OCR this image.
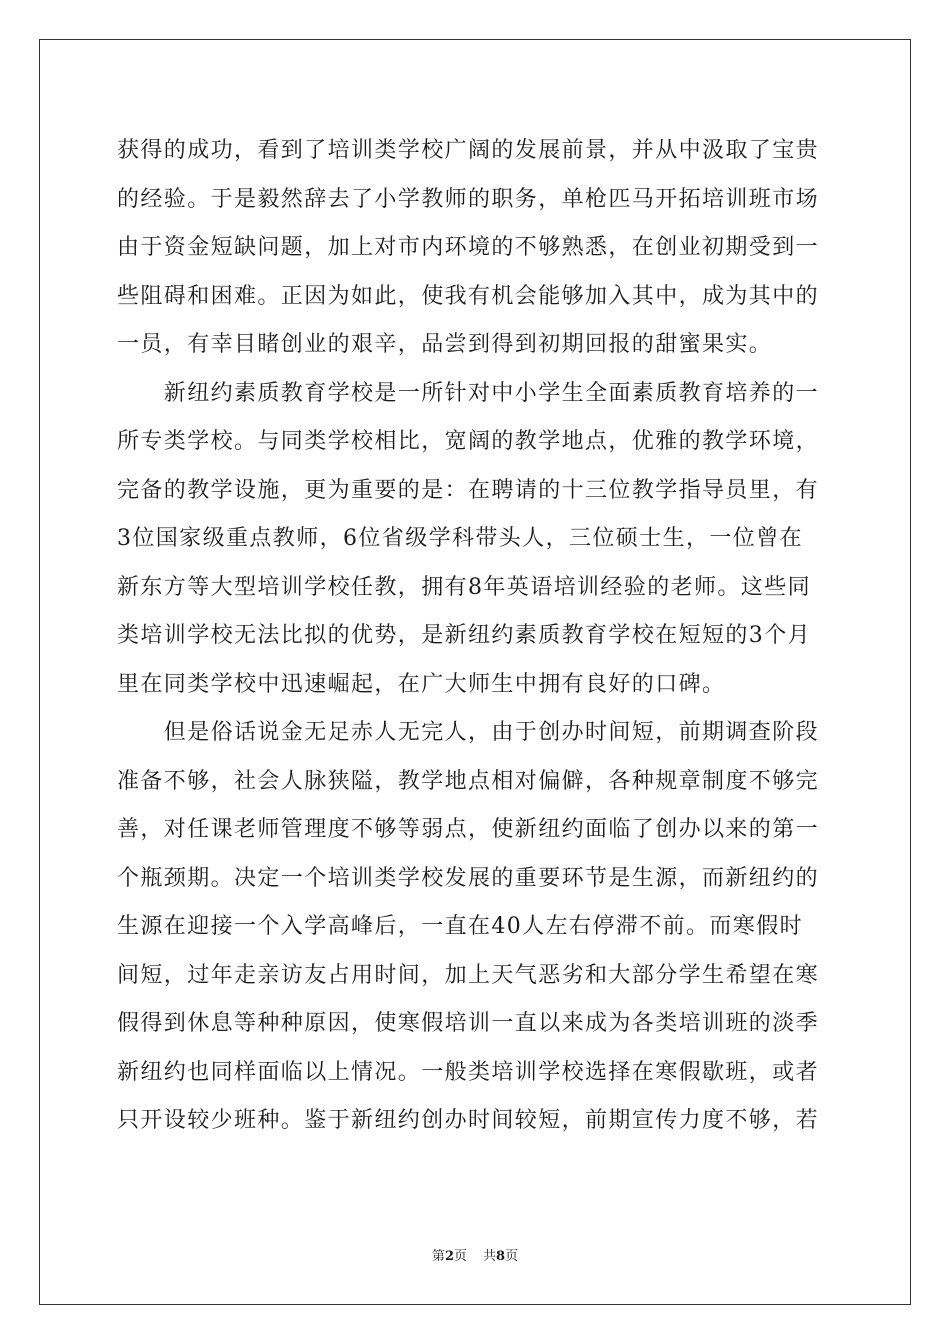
获得的成功，看到了培训类学校广阔的发展前景，并从中汲取了宝贵
的经验。于是毅然辞去了小学教师的职务，单枪匹马开拓培训班市场
由于资金短缺问题，加上对市内环境的不够熟悉，在创业初期受到一
些阻碍和困难。正因为如此，使我有机会能够加入其中，成为其中的
一员，有幸目睹创业的艰辛，品尝到得到初期回报的甜蜜果实。
　　新纽约素质教育学校是一所针对中小学生全面素质教育培养的一
所专类学校。与同类学校相比，宽阔的教学地点，优雅的教学环境，
完备的教学设施，更为重要的是：在聘请的十三位教学指导员里，有
3位国家级重点教师，6位省级学科带头人，三位硕士生，一位曾在
新东方等大型培训学校任教，拥有8年英语培训经验的老师。这些同
类培训学校无法比拟的优势，是新纽约素质教育学校在短短的3个月
里在同类学校中迅速崛起，在广大师生中拥有良好的口碑。
　　但是俗话说金无足赤人无完人，由于创办时间短，前期调查阶段
准备不够，社会人脉狭隘，教学地点相对偏僻，各种规章制度不够完
善，对任课老师管理度不够等弱点，使新纽约面临了创办以来的第一
个瓶颈期。决定一个培训类学校发展的重要环节是生源，而新纽约的
生源在迎接一个入学高峰后，一直在40人左右停滞不前。而寒假时
间短，过年走亲访友占用时间，加上天气恶劣和大部分学生希望在寒
假得到休息等种种原因，使寒假培训一直以来成为各类培训班的淡季
新纽约也同样面临以上情况。一般类培训学校选择在寒假歇班，或者
只开设较少班种。鉴于新纽约创办时间较短，前期宣传力度不够，若
第2页 共8页
